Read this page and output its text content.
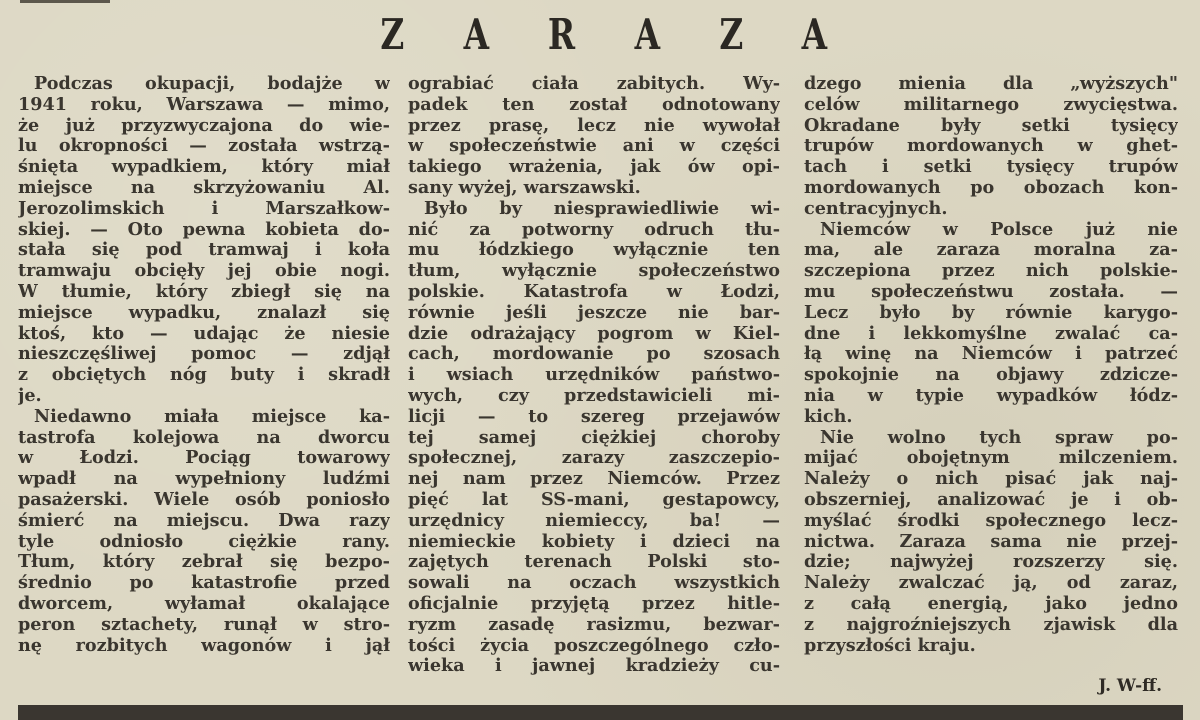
Z A R A Z A
Podczas okupacji, bodajże w
1941 roku, Warszawa — mimo,
że już przyzwyczajona do wie-
lu okropności — została wstrzą-
śnięta wypadkiem, który miał
miejsce na skrzyżowaniu Al.
Jerozolimskich i Marszałkow-
skiej. — Oto pewna kobieta do-
stała się pod tramwaj i koła
tramwaju obcięły jej obie nogi.
W tłumie, który zbiegł się na
miejsce wypadku, znalazł się
ktoś, kto — udając że niesie
nieszczęśliwej pomoc — zdjął
z obciętych nóg buty i skradł
je.
Niedawno miała miejsce ka-
tastrofa kolejowa na dworcu
w Łodzi. Pociąg towarowy
wpadł na wypełniony ludźmi
pasażerski. Wiele osób poniosło
śmierć na miejscu. Dwa razy
tyle odniosło ciężkie rany.
Tłum, który zebrał się bezpo-
średnio po katastrofie przed
dworcem, wyłamał okalające
peron sztachety, runął w stro-
nę rozbitych wagonów i jął
ograbiać ciała zabitych. Wy-
padek ten został odnotowany
przez prasę, lecz nie wywołał
w społeczeństwie ani w części
takiego wrażenia, jak ów opi-
sany wyżej, warszawski.
Było by niesprawiedliwie wi-
nić za potworny odruch tłu-
mu łódzkiego wyłącznie ten
tłum, wyłącznie społeczeństwo
polskie. Katastrofa w Łodzi,
równie jeśli jeszcze nie bar-
dzie odrażający pogrom w Kiel-
cach, mordowanie po szosach
i wsiach urzędników państwo-
wych, czy przedstawicieli mi-
licji — to szereg przejawów
tej samej ciężkiej choroby
społecznej, zarazy zaszczepio-
nej nam przez Niemców. Przez
pięć lat SS-mani, gestapowcy,
urzędnicy niemieccy, ba! —
niemieckie kobiety i dzieci na
zajętych terenach Polski sto-
sowali na oczach wszystkich
oficjalnie przyjętą przez hitle-
ryzm zasadę rasizmu, bezwar-
tości życia poszczególnego czło-
wieka i jawnej kradzieży cu-
dzego mienia dla „wyższych"
celów militarnego zwycięstwa.
Okradane były setki tysięcy
trupów mordowanych w ghet-
tach i setki tysięcy trupów
mordowanych po obozach kon-
centracyjnych.
Niemców w Polsce już nie
ma, ale zaraza moralna za-
szczepiona przez nich polskie-
mu społeczeństwu została. —
Lecz było by równie karygo-
dne i lekkomyślne zwalać ca-
łą winę na Niemców i patrzeć
spokojnie na objawy zdzicze-
nia w typie wypadków łódz-
kich.
Nie wolno tych spraw po-
mijać obojętnym milczeniem.
Należy o nich pisać jak naj-
obszerniej, analizować je i ob-
myślać środki społecznego lecz-
nictwa. Zaraza sama nie przej-
dzie; najwyżej rozszerzy się.
Należy zwalczać ją, od zaraz,
z całą energią, jako jedno
z najgroźniejszych zjawisk dla
przyszłości kraju.
J. W-ff.
